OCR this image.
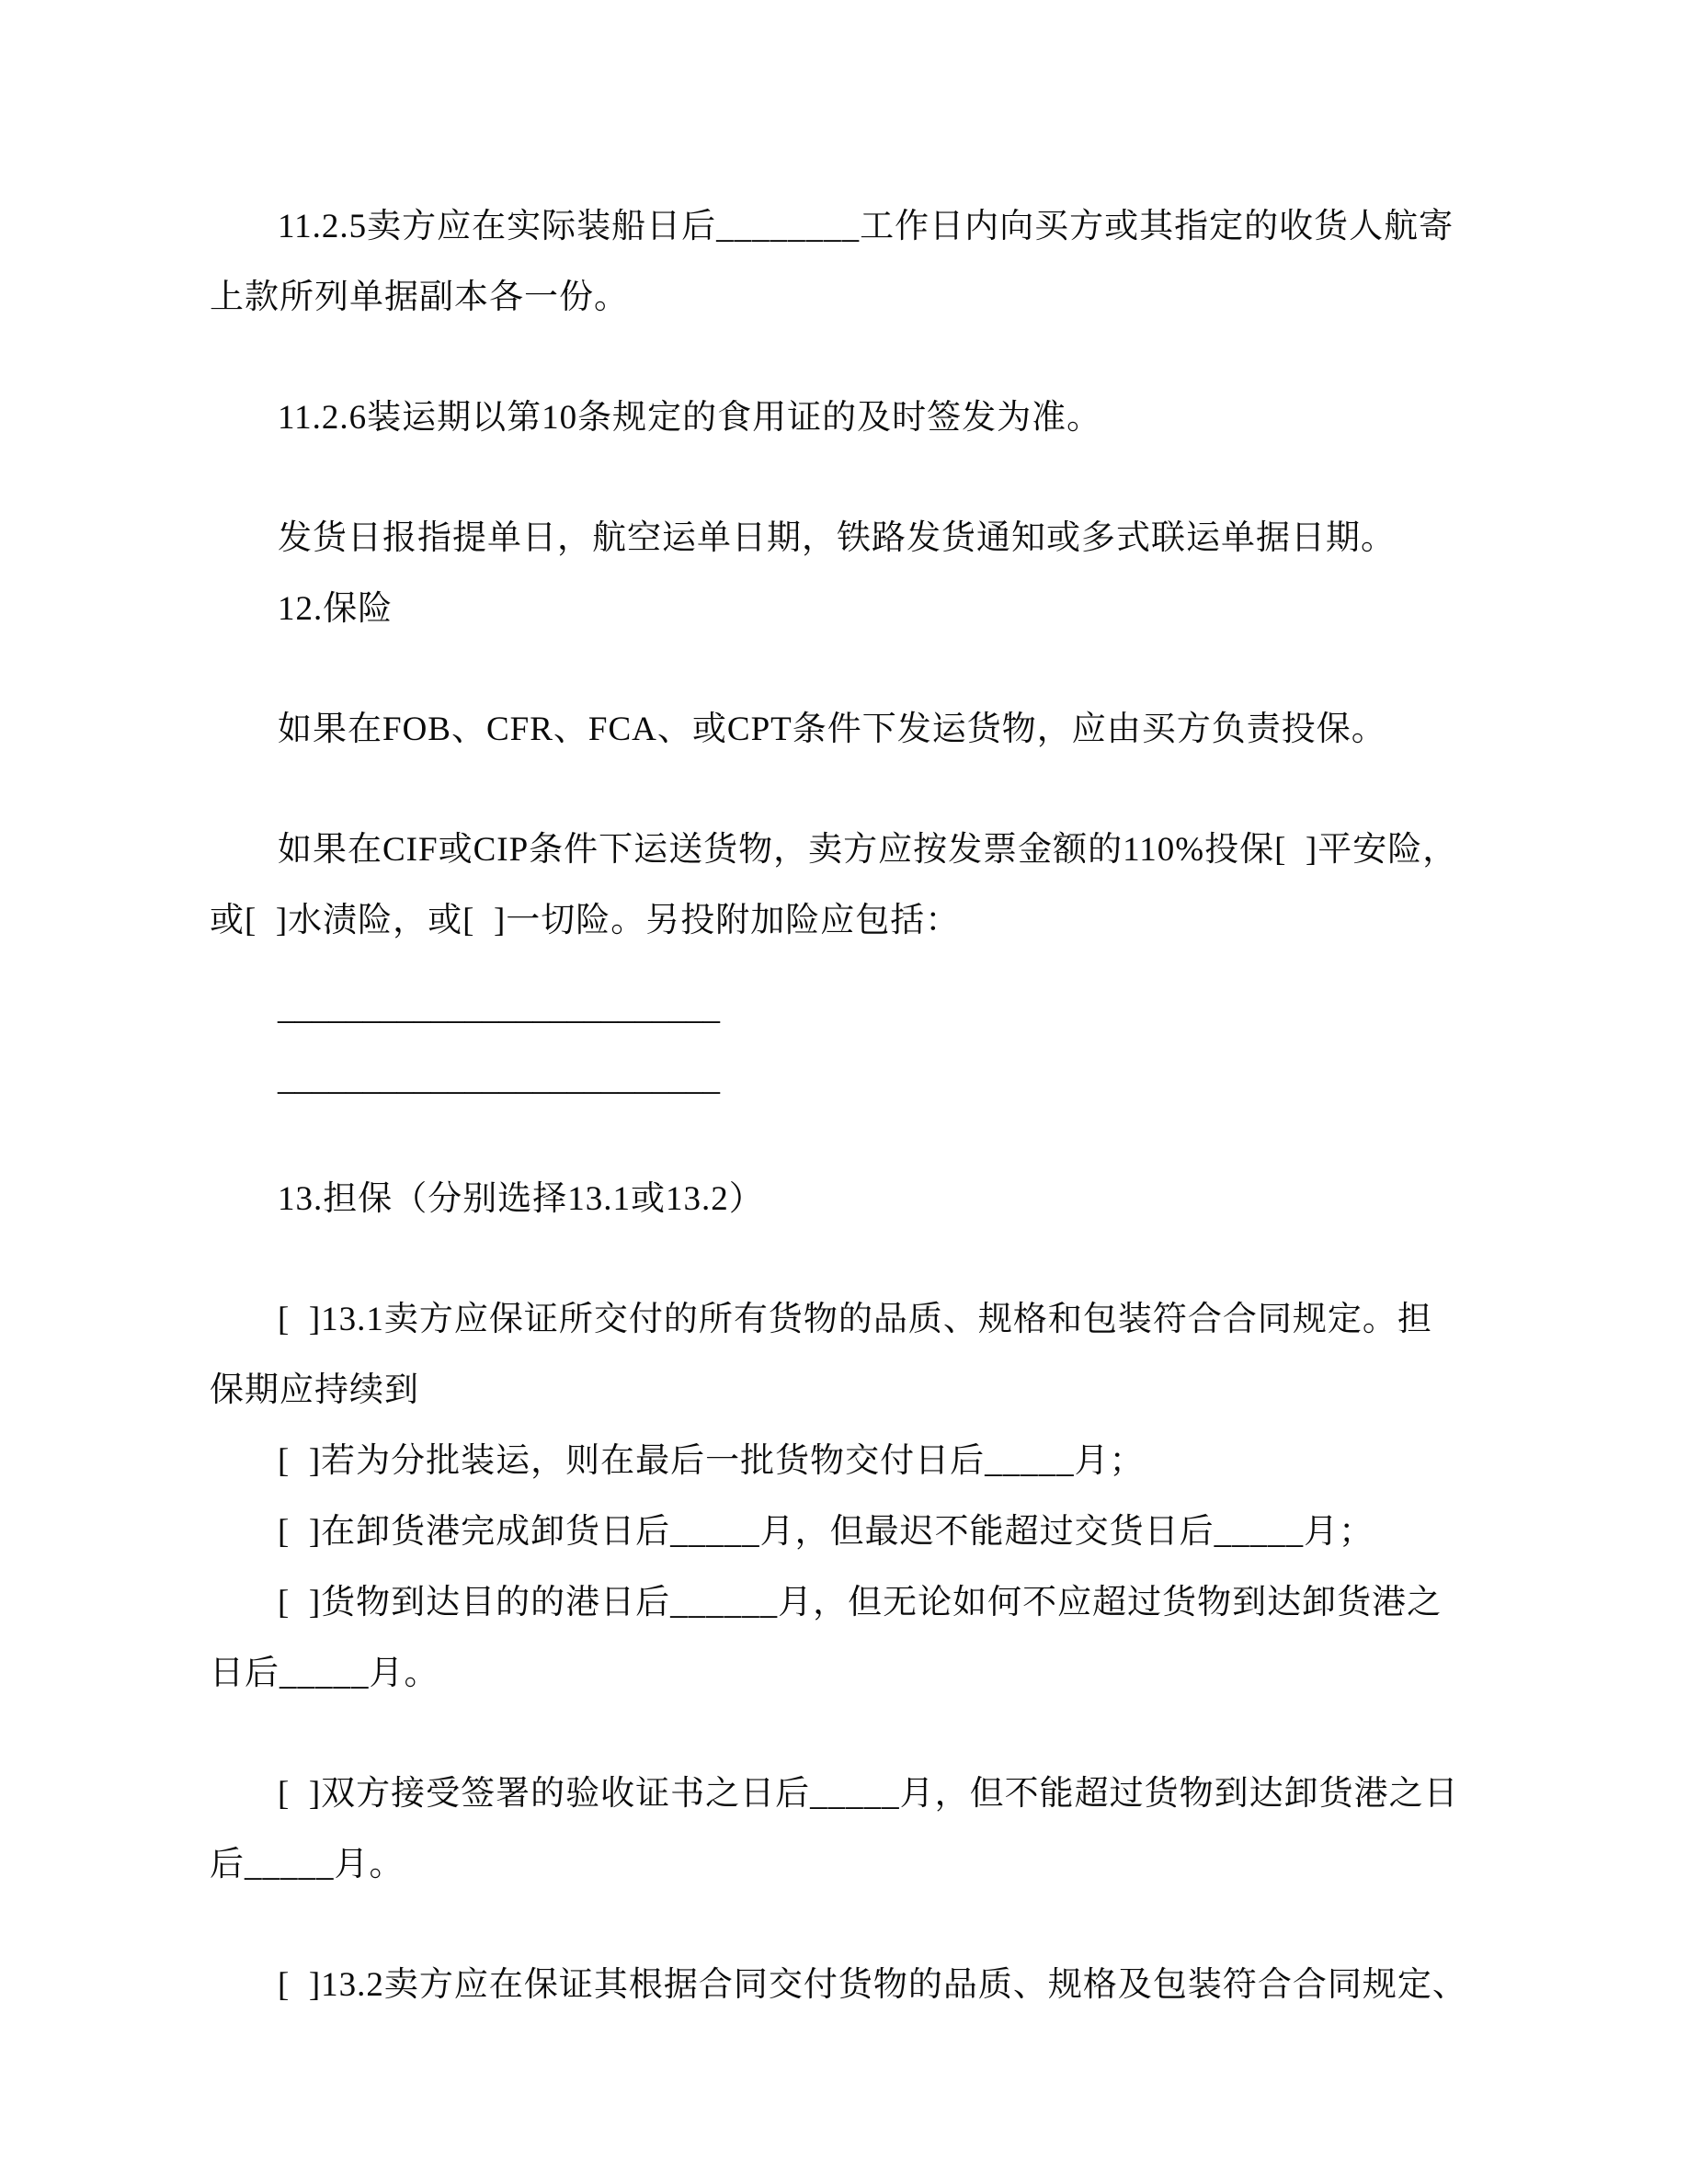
11.2.5卖方应在实际装船日后________工作日内向买方或其指定的收货人航寄
上款所列单据副本各一份。
11.2.6装运期以第10条规定的食用证的及时签发为准。
发货日报指提单日，航空运单日期，铁路发货通知或多式联运单据日期。
12.保险
如果在FOB、CFR、FCA、或CPT条件下发运货物，应由买方负责投保。
如果在CIF或CIP条件下运送货物，卖方应按发票金额的110%投保[  ]平安险，
或[  ]水渍险，或[  ]一切险。另投附加险应包括：
__________________________
__________________________
13.担保（分别选择13.1或13.2）
[  ]13.1卖方应保证所交付的所有货物的品质、规格和包装符合合同规定。担
保期应持续到
[  ]若为分批装运，则在最后一批货物交付日后_____月；
[  ]在卸货港完成卸货日后_____月，但最迟不能超过交货日后_____月；
[  ]货物到达目的的港日后______月，但无论如何不应超过货物到达卸货港之
日后_____月。
[  ]双方接受签署的验收证书之日后_____月，但不能超过货物到达卸货港之日
后_____月。
[  ]13.2卖方应在保证其根据合同交付货物的品质、规格及包装符合合同规定、
